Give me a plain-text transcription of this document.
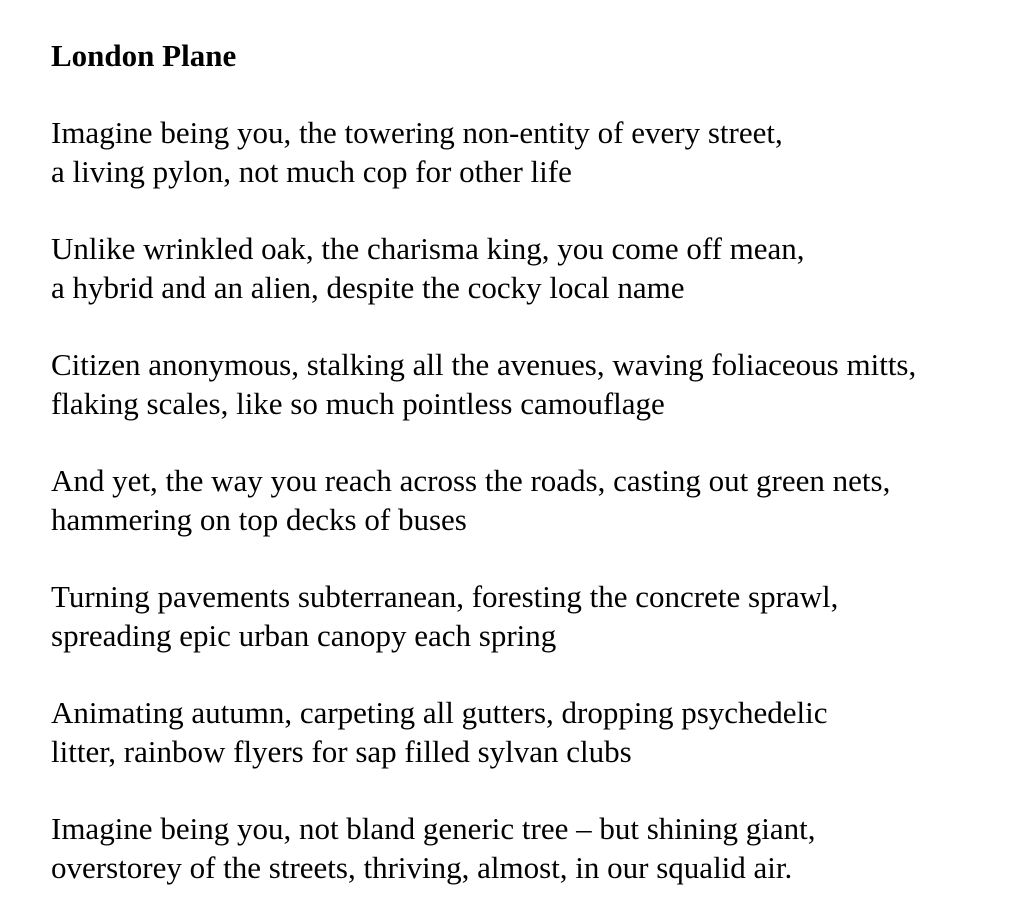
London Plane
Imagine being you, the towering non-entity of every street,
a living pylon, not much cop for other life
Unlike wrinkled oak, the charisma king, you come off mean,
a hybrid and an alien, despite the cocky local name
Citizen anonymous, stalking all the avenues, waving foliaceous mitts,
flaking scales, like so much pointless camouflage
And yet, the way you reach across the roads, casting out green nets,
hammering on top decks of buses
Turning pavements subterranean, foresting the concrete sprawl,
spreading epic urban canopy each spring
Animating autumn, carpeting all gutters, dropping psychedelic
litter, rainbow flyers for sap filled sylvan clubs
Imagine being you, not bland generic tree – but shining giant,
overstorey of the streets, thriving, almost, in our squalid air.
